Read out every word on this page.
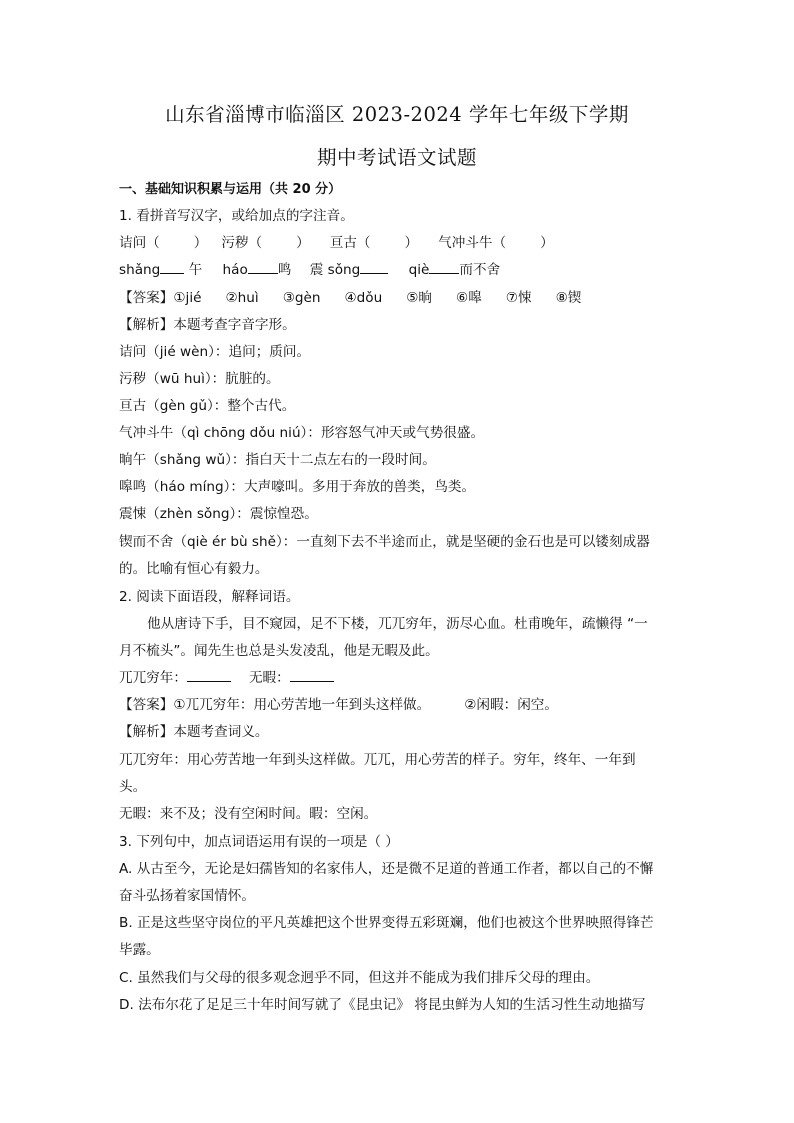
山东省淄博市临淄区 2023-2024 学年七年级下学期
期中考试语文试题
一、基础知识积累与运用（共 20 分）
1. 看拼音写汉字，或给加点的字注音。
诘问（	） 污秽（	） 亘古（	） 气冲斗牛（	）
shǎng 午 háo 鸣 震 sǒng	qiè 而不舍
【答案】①jié ②huì ③gèn ④dǒu ⑤晌 ⑥嗥 ⑦悚 ⑧锲
【解析】本题考查字音字形。
诘问（jié wèn）：追问；质问。
污秽（wū huì）：肮脏的。
亘古（gèn gǔ）：整个古代。
气冲斗牛（qì chōng dǒu niú）：形容怒气冲天或气势很盛。
晌午（shǎng wǔ）：指白天十二点左右的一段时间。
嗥鸣（háo míng）：大声嚎叫。多用于奔放的兽类，鸟类。
震悚（zhèn sǒng）：震惊惶恐。
锲而不舍（qiè ér bù shě）：一直刻下去不半途而止，就是坚硬的金石也是可以镂刻成器
的。比喻有恒心有毅力。
2. 阅读下面语段，解释词语。
他从唐诗下手，目不窥园，足不下楼，兀兀穷年，沥尽心血。杜甫晚年，疏懒得 “一
月不梳头”。闻先生也总是头发凌乱，他是无暇及此。
兀兀穷年：	无暇：
【答案】①兀兀穷年：用心劳苦地一年到头这样做。	②闲暇：闲空。
【解析】本题考查词义。
兀兀穷年：用心劳苦地一年到头这样做。兀兀，用心劳苦的样子。穷年，终年、一年到
头。
无暇：来不及；没有空闲时间。暇：空闲。
3. 下列句中，加点词语运用有误的一项是（ ）
A. 从古至今，无论是妇孺皆知的名家伟人，还是微不足道的普通工作者，都以自己的不懈
奋斗弘扬着家国情怀。
B. 正是这些坚守岗位的平凡英雄把这个世界变得五彩斑斓，他们也被这个世界映照得锋芒
毕露。
C. 虽然我们与父母的很多观念迥乎不同，但这并不能成为我们排斥父母的理由。
D. 法布尔花了足足三十年时间写就了《昆虫记》 将昆虫鲜为人知的生活习性生动地描写
